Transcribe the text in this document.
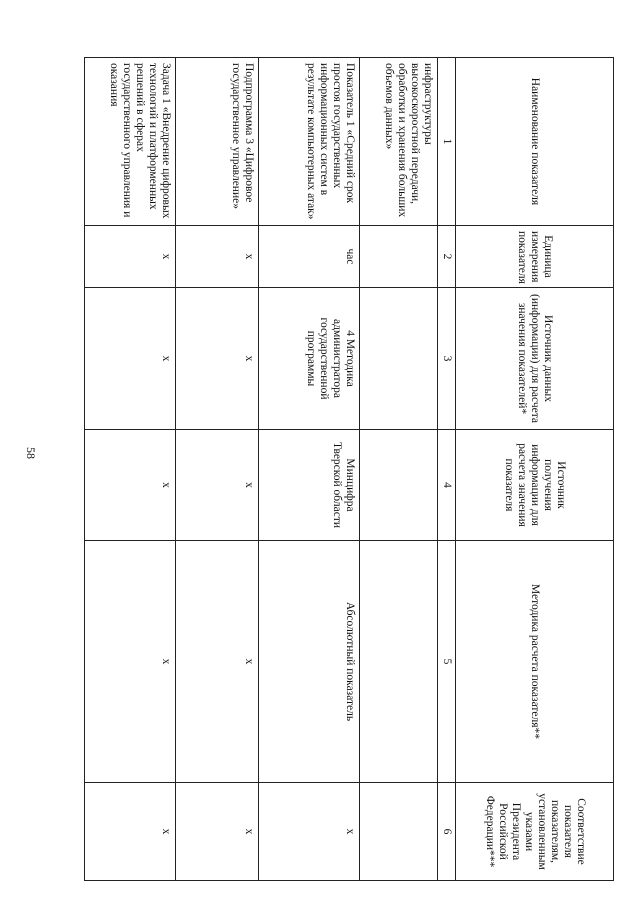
58
Наименование показателя	Единица измерения показателя	Источник данных (информации) для расчета значения показателей*	Источник получения информации для расчета значения показателя	Методика расчета показателя**	Соответствие показателя показателям, установленным указами Президента Российской Федерации***
1	2	3	4	5	6
инфраструктуры высокоскоростной передачи, обработки и хранения больших объемов данных»					
Показатель 1 «Средний срок простоя государственных информационных систем в результате компьютерных атак»	час	4 Методика администратора государственной программы	Минцифра Тверской области	Абсолютный показатель	х
Подпрограмма 3 «Цифровое государственное управление»	х	х	х	х	х
Задача 1 «Внедрение цифровых технологий и платформенных решений в сферах государственного управления и оказания	х	х	х	х	х
